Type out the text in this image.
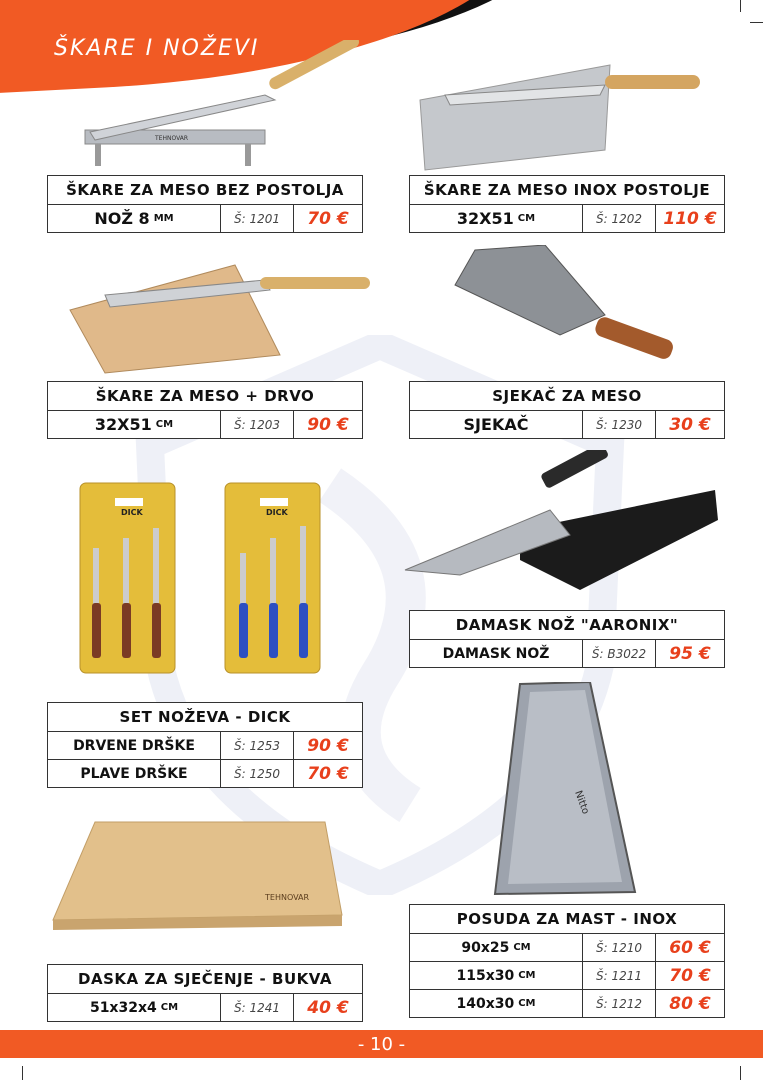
ŠKARE I NOŽEVI
TEHNOVAR
ŠKARE ZA MESO BEZ POSTOLJA
NOŽ 8 MM	Š: 1201	70 €
ŠKARE ZA MESO INOX POSTOLJE
32X51 CM	Š: 1202	110 €
ŠKARE ZA MESO + DRVO
32X51 CM	Š: 1203	90 €
SJEKAČ ZA MESO
SJEKAČ	Š: 1230	30 €
DICK	DICK
DAMASK NOŽ "AARONIX"
DAMASK NOŽ	Š: B3022	95 €
SET NOŽEVA - DICK
DRVENE DRŠKE	Š: 1253	90 €
PLAVE DRŠKE	Š: 1250	70 €
Nitto
TEHNOVAR
POSUDA ZA MAST - INOX
90x25 CM	Š: 1210	60 €
115x30 CM	Š: 1211	70 €
140x30 CM	Š: 1212	80 €
DASKA ZA SJEČENJE - BUKVA
51x32x4 CM	Š: 1241	40 €
- 10 -
